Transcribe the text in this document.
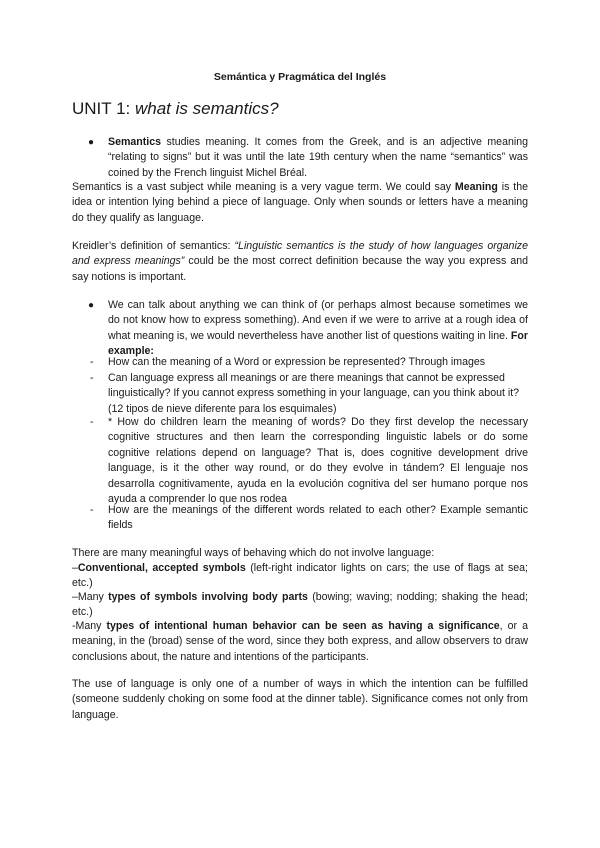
Semántica y Pragmática del Inglés

UNIT 1: what is semantics?
● Semantics studies meaning. It comes from the Greek, and is an adjective meaning “relating to signs” but it was until the late 19th century when the name “semantics” was coined by the French linguist Michel Bréal.

Semantics is a vast subject while meaning is a very vague term. We could say Meaning is the idea or intention lying behind a piece of language. Only when sounds or letters have a meaning do they qualify as language.

Kreidler’s definition of semantics: “Linguistic semantics is the study of how languages organize and express meanings” could be the most correct definition because the way you express and say notions is important.

● We can talk about anything we can think of (or perhaps almost because sometimes we do not know how to express something). And even if we were to arrive at a rough idea of what meaning is, we would nevertheless have another list of questions waiting in line. For example:

- How can the meaning of a Word or expression be represented? Through images

- Can language express all meanings or are there meanings that cannot be expressed linguistically? If you cannot express something in your language, can you think about it? (12 tipos de nieve diferente para los esquimales)

- * How do children learn the meaning of words? Do they first develop the necessary cognitive structures and then learn the corresponding linguistic labels or do some cognitive relations depend on language? That is, does cognitive development drive language, is it the other way round, or do they evolve in tándem? El lenguaje nos desarrolla cognitivamente, ayuda en la evolución cognitiva del ser humano porque nos ayuda a comprender lo que nos rodea

- How are the meanings of the different words related to each other? Example semantic fields

There are many meaningful ways of behaving which do not involve language:

–Conventional, accepted symbols (left-right indicator lights on cars; the use of flags at sea; etc.)

–Many types of symbols involving body parts (bowing; waving; nodding; shaking the head; etc.)

-Many types of intentional human behavior can be seen as having a significance, or a meaning, in the (broad) sense of the word, since they both express, and allow observers to draw conclusions about, the nature and intentions of the participants.

The use of language is only one of a number of ways in which the intention can be fulfilled (someone suddenly choking on some food at the dinner table). Significance comes not only from language.
